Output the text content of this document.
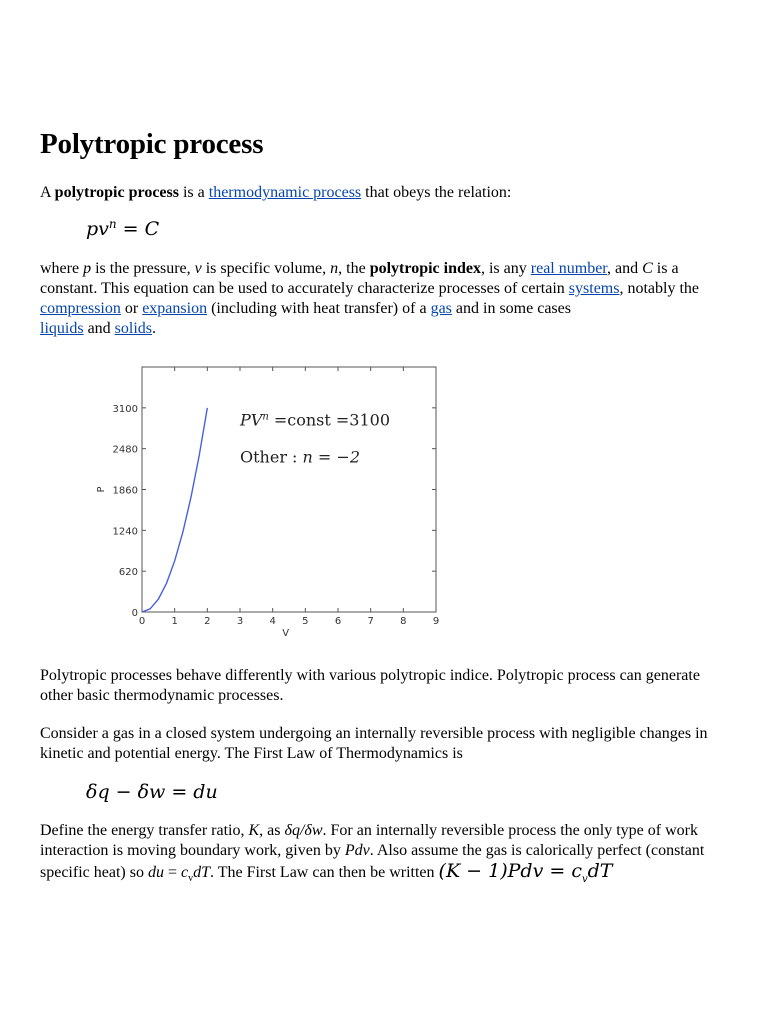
Polytropic process

A polytropic process is a thermodynamic process that obeys the relation:

$pv^n = C$

where p is the pressure, v is specific volume, n, the polytropic index, is any real number, and C is a constant. This equation can be used to accurately characterize processes of certain systems, notably the compression or expansion (including with heat transfer) of a gas and in some cases
liquids and solids.

0	1	2	3	4	5	6	7	8	9
0
620
1240
1860
2480
3100
V
P
$PV^n$ =const =3100
Other : n = −2

Polytropic processes behave differently with various polytropic indice. Polytropic process can generate other basic thermodynamic processes.

Consider a gas in a closed system undergoing an internally reversible process with negligible changes in kinetic and potential energy. The First Law of Thermodynamics is

δq − δw = du

Define the energy transfer ratio, K, as δq/δw. For an internally reversible process the only type of work interaction is moving boundary work, given by Pdv. Also assume the gas is calorically perfect (constant specific heat) so du = $c_vdT$. The First Law can then be written $(K - 1)Pdv = c_vdT$
